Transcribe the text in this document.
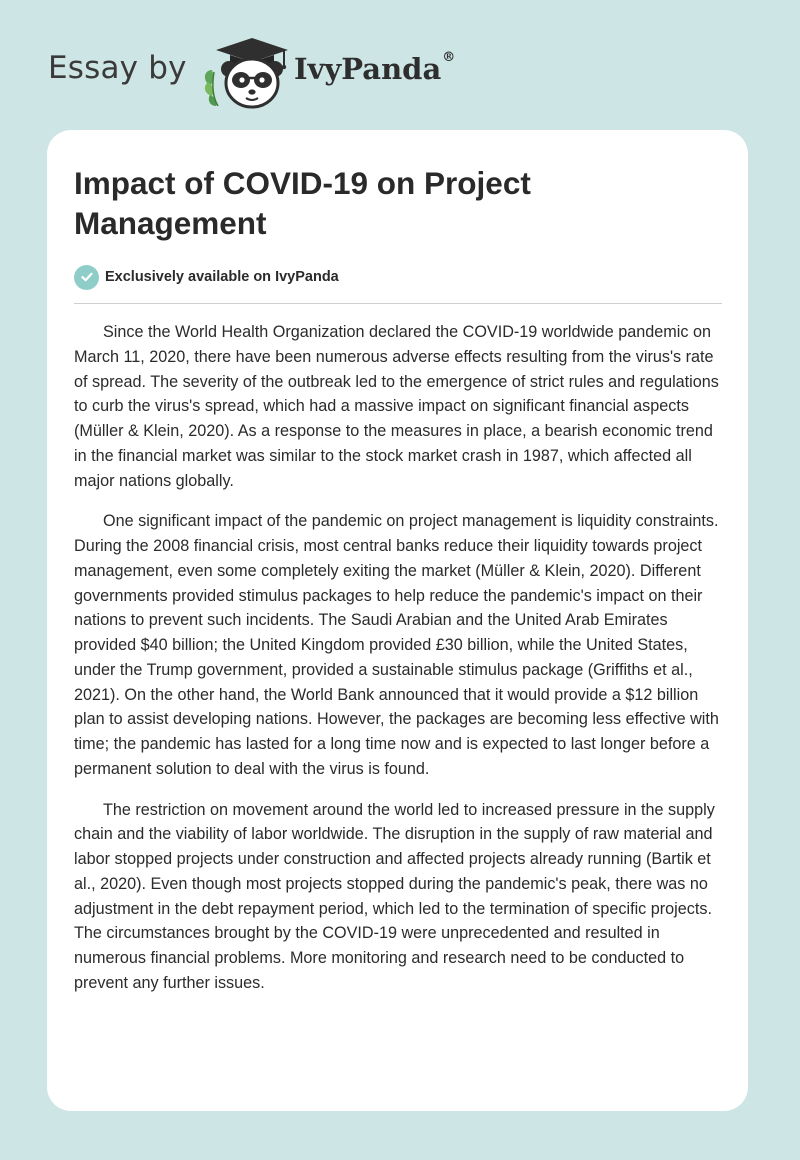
Essay by	IvyPanda®
Impact of COVID-19 on Project Management
Exclusively available on IvyPanda

Since the World Health Organization declared the COVID-19 worldwide pandemic on March 11, 2020, there have been numerous adverse effects resulting from the virus's rate of spread. The severity of the outbreak led to the emergence of strict rules and regulations to curb the virus's spread, which had a massive impact on significant financial aspects (Müller & Klein, 2020). As a response to the measures in place, a bearish economic trend in the financial market was similar to the stock market crash in 1987, which affected all major nations globally.

One significant impact of the pandemic on project management is liquidity constraints. During the 2008 financial crisis, most central banks reduce their liquidity towards project management, even some completely exiting the market (Müller & Klein, 2020). Different governments provided stimulus packages to help reduce the pandemic's impact on their nations to prevent such incidents. The Saudi Arabian and the United Arab Emirates provided $40 billion; the United Kingdom provided £30 billion, while the United States, under the Trump government, provided a sustainable stimulus package (Griffiths et al., 2021). On the other hand, the World Bank announced that it would provide a $12 billion plan to assist developing nations. However, the packages are becoming less effective with time; the pandemic has lasted for a long time now and is expected to last longer before a permanent solution to deal with the virus is found.

The restriction on movement around the world led to increased pressure in the supply chain and the viability of labor worldwide. The disruption in the supply of raw material and labor stopped projects under construction and affected projects already running (Bartik et al., 2020). Even though most projects stopped during the pandemic's peak, there was no adjustment in the debt repayment period, which led to the termination of specific projects. The circumstances brought by the COVID-19 were unprecedented and resulted in numerous financial problems. More monitoring and research need to be conducted to prevent any further issues.
